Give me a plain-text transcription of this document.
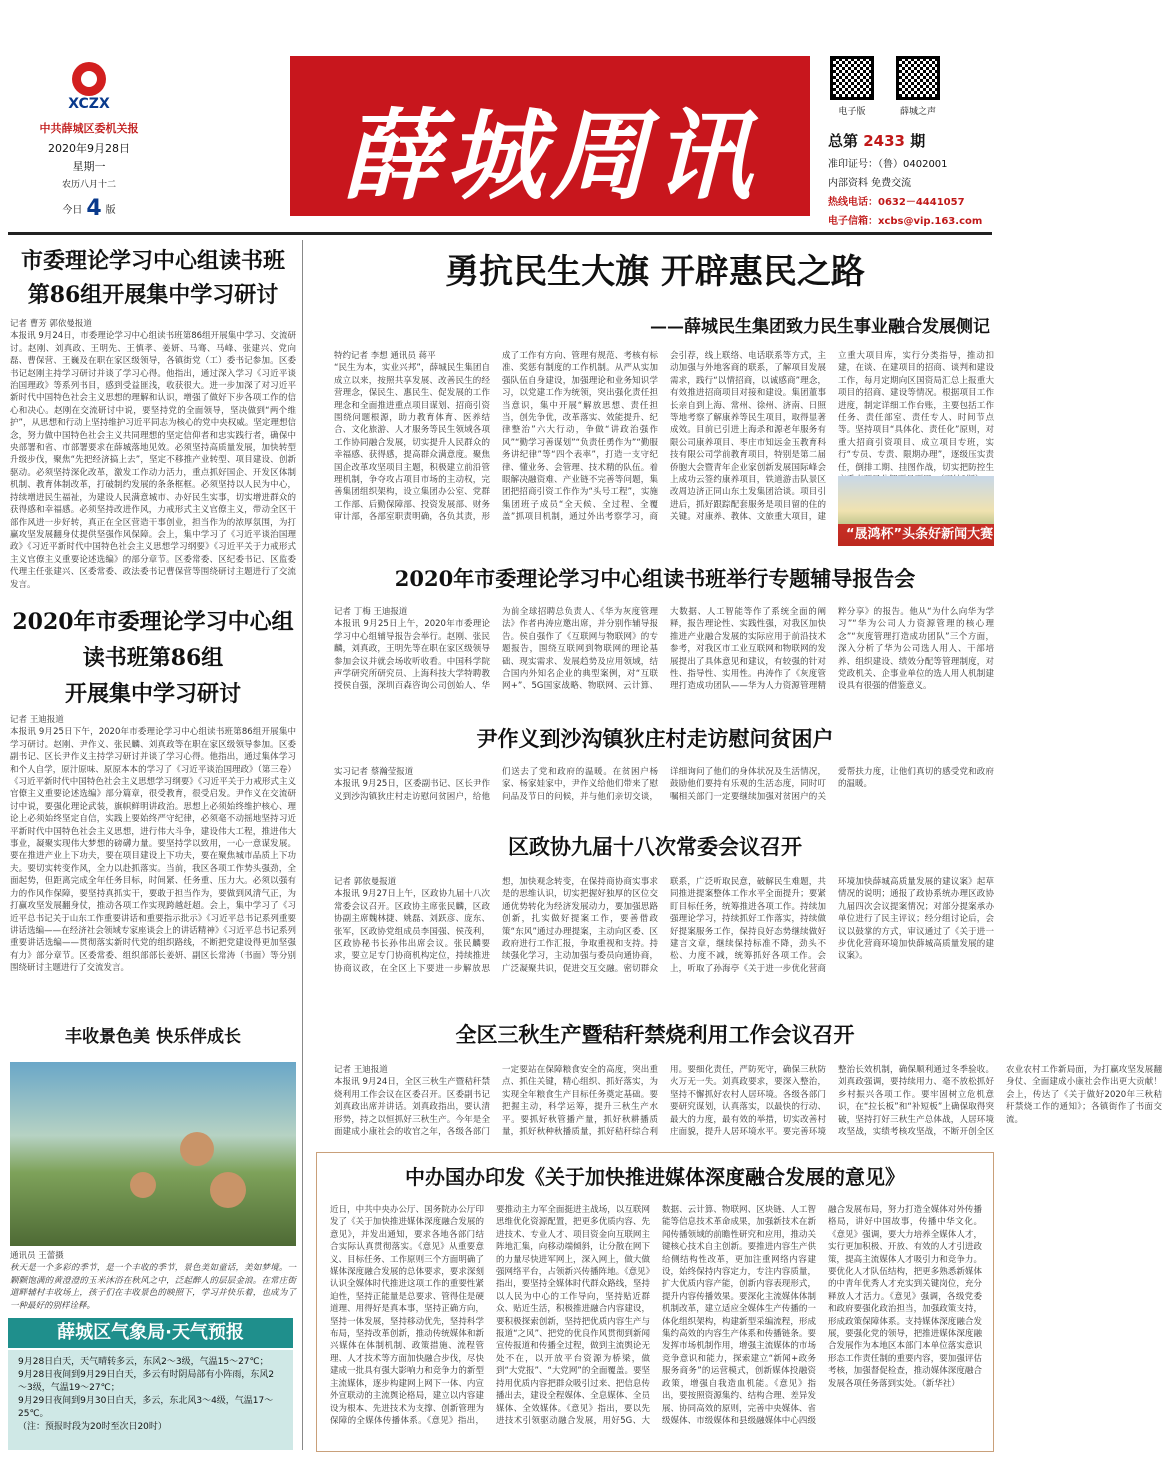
XCZX
中共薛城区委机关报
2020年9月28日
星期一
农历八月十二
今日 4 版	薛城周讯	电子版	薛城之声
总第 2433 期
准印证号：（鲁）0402001
内部资料 免费交流
热线电话：0632－4441057
电子信箱：xcbs@vip.163.com
市委理论学习中心组读书班
第86组开展集中学习研讨
记者 曹芳 郭依曼报道
本报讯 9月24日，市委理论学习中心组读书班第86组开展集中学习、交流研讨。赵刚、刘真政、王明先、王慎孝、姜妍、马骞、马峰、张建兴、党向磊、曹保营、王巍及在职在家区级领导，各镇街党（工）委书记参加。区委书记赵刚主持学习研讨并谈了学习心得。他指出，通过深入学习《习近平谈治国理政》等系列书目，感到受益匪浅，收获很大。进一步加深了对习近平新时代中国特色社会主义思想的理解和认识，增强了做好下步各项工作的信心和决心。赵刚在交流研讨中说，要坚持党的全面领导，坚决做到“两个维护”，从思想和行动上坚持维护习近平同志为核心的党中央权威。坚定理想信念，努力做中国特色社会主义共同理想的坚定信仰者和忠实践行者，确保中央部署和省、市部署要求在薛城落地见效。必须坚持高质量发展，加快转型升级步伐，聚焦“先把经济搞上去”，坚定不移推产业转型、项目建设、创新驱动。必须坚持深化改革，激发工作动力活力，重点抓好国企、开发区体制机制、教育体制改革，打破制约发展的条条框框。必须坚持以人民为中心，持续增进民生福祉，为建设人民满意城市、办好民生实事，切实增进群众的获得感和幸福感。必须坚持改进作风，力戒形式主义官僚主义，带动全区干部作风进一步好转，真正在全区营造干事创业，担当作为的浓厚氛围，为打赢攻坚发展翻身仗提供坚强作风保障。会上，集中学习了《习近平谈治国理政》《习近平新时代中国特色社会主义思想学习纲要》《习近平关于力戒形式主义官僚主义重要论述选编》的部分章节。区委常委、区纪委书记、区监委代理主任张建兴、区委常委、政法委书记曹保营等围绕研讨主题进行了交流发言。
2020年市委理论学习中心组
读书班第86组
开展集中学习研讨
记者 王迪报道
本报讯 9月25日下午，2020年市委理论学习中心组读书班第86组开展集中学习研讨。赵刚、尹作义、张民麟、刘真政等在职在家区级领导参加。区委副书记、区长尹作义主持学习研讨并谈了学习心得。他指出，通过集体学习和个人自学，原汁原味、原原本本的学习了《习近平谈治国理政》（第三卷）《习近平新时代中国特色社会主义思想学习纲要》《习近平关于力戒形式主义官僚主义重要论述选编》部分篇章，很受教育，很受启发。尹作义在交流研讨中说，要强化理论武装，旗帜鲜明讲政治。思想上必须始终维护核心、理论上必须始终坚定自信，实践上要始终严守纪律，必须毫不动摇地坚持习近平新时代中国特色社会主义思想，进行伟大斗争，建设伟大工程，推进伟大事业，凝聚实现伟大梦想的磅礴力量。要坚持学以致用，一心一意谋发展。要在推进产业上下功夫，要在项目建设上下功夫，要在聚焦城市品质上下功夫。要切实转变作风，全力以赴抓落实。当前，我区各项工作势头强劲，全面起势，但距离完成全年任务目标，时间紧、任务重、压力大。必须以强有力的作风作保障，要坚持真抓实干，要敢于担当作为，要做到风清气正，为打赢攻坚发展翻身仗，推动各项工作实现跨越赶超。会上，集中学习了《习近平总书记关于山东工作重要讲话和重要指示批示》《习近平总书记系列重要讲话选编——在经济社会领域专家座谈会上的讲话精神》《习近平总书记系列重要讲话选编——贯彻落实新时代党的组织路线，不断把党建设得更加坚强有力》部分章节。区委常委、组织部部长姜妍、副区长常涛（书面）等分别围绕研讨主题进行了交流发言。
丰收景色美 快乐伴成长
通讯员 王蕾摄
秋天是一个多彩的季节，是一个丰收的季节，景色美如童话，美如梦境。一颗颗饱满的黄澄澄的玉米沐浴在秋风之中，泛起醉人的层层金浪。在常庄街道畔辅村丰收场上，孩子们在丰收景色的映照下，学习并快乐着，也成为了一种最好的别样诠释。
薛城区气象局·天气预报
9月28日白天，天气晴转多云，东风2～3级，气温15～27℃；
9月28日夜间到9月29日白天，多云有时阴局部有小阵雨，东风2～3级，气温19～27℃；
9月29日夜间到9月30日白天，多云，东北风3～4级，气温17～25℃。
（注：预报时段为20时至次日20时）
勇抗民生大旗 开辟惠民之路
——薛城民生集团致力民生事业融合发展侧记
特约记者 李想 通讯员 蒋平
“民生为本，实业兴邦”，薛城民生集团自成立以来，按照共享发展、改善民生的经营理念，保民生、惠民生、促发展的工作理念和全面推进重点项目谋划、招商引资围绕问题根源，助力教育体育、医养结合、文化旅游、人才服务等民生领域各项工作协同融合发展，切实提升人民群众的幸福感、获得感，提高群众满意度。聚焦国企改革攻坚项目主题，积极建立前沿管理机制，争夺攻占项目市场的主动权，完善集团组织架构，设立集团办公室、党群工作部、后勤保障部、投资发展部、财务审计部，各部室职责明确，各负其责，形成了工作有方向、管理有规范、考核有标准、奖惩有制度的工作机制。从严从实加强队伍自身建设，加强理论和业务知识学习，以党建工作为统领，突出强化责任担当意识，集中开展“解放思想、责任担当，创先争优，改革落实、效能提升、纪律整治”六大行动，争做“讲政治强作风”“勤学习善谋划”“负责任勇作为”“勤服务讲纪律”等“四个表率”，打造一支守纪律、懂业务、会管理、技术精的队伍。着眼解决融资难、产业链不完善等问题，集团把招商引资工作作为“头号工程”，实施集团班子成员“全天候、全过程、全覆盖”抓项目机制，通过外出考察学习，商会引荐，线上联络、电话联系等方式，主动加强与外地客商的联系，了解项目发展需求，践行“以情招商，以诚感商”理念，有效推进招商项目对接和建设。集团董事长亲自到上海、常州、徐州、济南、日照等地考察了解康养等民生项目，取得显著成效。目前已引进上海杀和源老年服务有限公司康养项目、枣庄市知远金玉教育科技有限公司学前教育项目，特别是第二届侨胞大会暨青年企业家创新发展国际峰会上成功云签约康养项目，铁道游击队景区改周边济正同山东土发集团洽谈。项目引进后，抓好跟踪配套服务是项目留的住的关键。对康养、教体、文旅重大项目，建立重大项目库，实行分类指导，推动扣建，在谈、在建项目的招商、谈判和建设工作，每月定期向区国资局汇总上报重大项目的招商、建设等情况。根据项目工作进度，制定详细工作台账，主要包括工作任务、责任部室、责任专人、时间节点等。坚持项目“具体化、责任化”原则，对重大招商引资项目、成立项目专班，实行“专员、专责、限期办理”，逐级压实责任，倒排工期、挂图作战，切实把防控生
“晟鸿杯”头条好新闻大赛
2020年市委理论学习中心组读书班举行专题辅导报告会
记者 丁梅 王迪报道
本报讯 9月25日上午，2020年市委理论学习中心组辅导报告会举行。赵刚、张民麟，刘真政，王明先等在职在家区级领导参加会议并就会场收听收看。中国科学院声学研究所研究员、上海科技大学特聘教授侯自强，深圳百森咨询公司创始人、华为前全球招聘总负责人、《华为灰度管理法》作者冉涛应邀出席，并分别作辅导报告。侯自强作了《互联网与物联网》的专题报告，围绕互联网到物联网的理论基础、现实需求、发展趋势及应用领域，结合国内外知名企业的典型案例，对“互联网+”、5G国家战略、物联网、云计算、大数据、人工智能等作了系统全面的阐释，报告理论性、实践性强，对我区加快推进产业融合发展的实际应用于前沿技术参考，对我区市工业互联网和物联网的发展提出了具体意见和建议，有较强的针对性、指导性、实用性。冉涛作了《灰度管理打造成功团队——华为人力资源管理精粹分享》的报告。他从“为什么向华为学习”“华为公司人力资源管理的核心理念”“灰度管理打造成功团队”三个方面，深入分析了华为公司选人用人、干部培养、组织建设、绩效分配等管理制度，对党政机关、企事业单位的选人用人机制建设具有很强的借鉴意义。
尹作义到沙沟镇狄庄村走访慰问贫困户
实习记者 蔡瀚莹报道
本报讯 9月25日，区委副书记、区长尹作义到沙沟镇狄庄村走访慰问贫困户，给他们送去了党和政府的温暖。在贫困户杨家、杨家娃家中，尹作义给他们带来了慰问品及节日的问候，并与他们亲切交谈，详细询问了他们的身体状况及生活情况，鼓励他们要持有乐观的生活态度，同时叮嘱相关部门一定要继续加强对贫困户的关爱帮扶力度，让他们真切的感受党和政府的温暖。
区政协九届十八次常委会议召开
记者 郭依曼报道
本报讯 9月27日上午，区政协九届十八次常委会议召开。区政协主席张民麟，区政协副主席魏林捷、姚磊、刘跃彦、庞东、张军，区政协党组成员李国强、侯茂利，区政协秘书长孙伟出席会议。张民麟要求，要立足专门协商机构定位，持续推进协商议政，在全区上下要进一步解放思想，加快观念转变，在保持商协商实事求是的思维认识，切实把握好独厚的区位交通优势转化为经济发展动力，要加强思路创新，扎实做好提案工作，要善借政策“东风”通过办理提案，主动向区委、区政府进行工作汇报，争取重视和支持。持续强化学习，主动加强与委员向通协商，广泛凝聚共识，促进交互交融。密切群众联系，广泛听取民意，破解民生难题，共同推进提案整体工作水平全面提升；要紧盯目标任务，统筹推进各项工作。持续加强理论学习，持续抓好工作落实，持续做好提案服务工作，保持良好态势继续做好建言文章，继续保持标准不降，劲头不松、力度不减，统筹抓好各项工作。会上，听取了孙海亭《关于进一步优化营商环境加快薛城高质量发展的建议案》起草情况的说明；通报了政协系统办理区政协九届四次会议提案情况；对部分提案承办单位进行了民主评议；经分组讨论后，会议以鼓掌的方式，审议通过了《关于进一步优化营商环境加快薛城高质量发展的建议案》。
全区三秋生产暨秸秆禁烧利用工作会议召开
记者 王迪报道
本报讯 9月24日，全区三秋生产暨秸秆禁烧利用工作会议在区委召开。区委副书记刘真政出席并讲话。刘真政指出，要认清形势，持之以恒抓好三秋生产。今年是全面建成小康社会的收官之年，各级各部门一定要站在保障粮食安全的高度，突出重点、抓住关键，精心组织、抓好落实，为实现全年粮食生产目标任务奠定基础。要把握主动，科学运筹，提升三秋生产水平。要抓好秋管播产量，抓好秋耕播质量，抓好秋种秋播质量，抓好秸秆综合利用。要细化责任，严防死守，确保三秋防火万无一失。刘真政要求，要深入整治，坚持不懈抓好农村人居环境。各级各部门要研究谋划，认真落实，以最快的行动、最大的力度，最有效的举措，切实改善村庄面貌，提升人居环境水平。要完善环境整治长效机制，确保顺利通过冬季验收。刘真政强调，要持续用力、毫不放松抓好乡村振兴各项工作。要牢固树立危机意识，在“拉长板”和“补短板”上确保取得突破，坚持打好三秋生产总体战，人居环境攻坚战，实绩考核攻坚战，不断开创全区农业农村工作新局面，为打赢攻坚发展翻身仗、全面建成小康社会作出更大贡献！会上，传达了《关于做好2020年三秋秸秆禁烧工作的通知》；各镇街作了书面交流。
中办国办印发《关于加快推进媒体深度融合发展的意见》
近日，中共中央办公厅、国务院办公厅印发了《关于加快推进媒体深度融合发展的意见》，并发出通知，要求各地各部门结合实际认真贯彻落实。《意见》从重要意义、目标任务、工作原则三个方面明确了媒体深度融合发展的总体要求，要求深刻认识全媒体时代推进这项工作的重要性紧迫性，坚持正能量是总要求、管得住是硬道理、用得好是真本事，坚持正确方向，坚持一体发展，坚持移动优先，坚持科学布局，坚持改革创新，推动传统媒体和新兴媒体在体制机制、政策措施、流程管理、人才技术等方面加快融合步伐，尽快建成一批具有强大影响力和竞争力的新型主流媒体，逐步构建网上网下一体、内宣外宣联动的主流舆论格局，建立以内容建设为根本、先进技术为支撑、创新管理为保障的全媒体传播体系。《意见》指出，要推动主力军全面挺进主战场，以互联网思维优化资源配置，把更多优质内容、先进技术、专业人才、项目资金向互联网主阵地汇集，向移动端倾斜，让分散在网下的力量尽快进军网上，深入网上，做大做强网络平台，占领新兴传播阵地。《意见》指出，要坚持全媒体时代群众路线，坚持以人民为中心的工作导向，坚持贴近群众、贴近生活，积极推进融合内容建设，要积极探索创新，坚持把优质内容生产与报道“之风”、把党的优良作风贯彻到新闻宣传报道和传播全过程，做到主流舆论无处不在，以开放平台资源为桥梁，做到“大党报”、“大党网”的全面覆盖。要坚持用优质内容把群众吸引过来、把信息传播出去，建设全程媒体、全息媒体、全员媒体、全效媒体。《意见》指出，要以先进技术引领驱动融合发展，用好5G、大数据、云计算、物联网、区块链、人工智能等信息技术革命成果，加强新技术在新闻传播领域的前瞻性研究和应用，推动关键核心技术自主创新。要推进内容生产供给侧结构性改革，更加注重网络内容建设，始终保持内容定力，专注内容质量，扩大优质内容产能，创新内容表现形式，提升内容传播效果。要深化主流媒体体制机制改革，建立适应全媒体生产传播的一体化组织架构，构建新型采编流程，形成集约高效的内容生产体系和传播链条。要发挥市场机制作用，增强主流媒体的市场竞争意识和能力，探索建立“新闻+政务服务商务”的运营模式，创新媒体投融资政策，增强自我造血机能。《意见》指出，要按照资源集约、结构合理、差异发展、协同高效的原则，完善中央媒体、省级媒体、市级媒体和县级融媒体中心四级融合发展布局，努力打造全媒体对外传播格局，讲好中国故事，传播中华文化。《意见》强调，要大力培养全媒体人才，实行更加积极、开放、有效的人才引进政策，提高主流媒体人才吸引力和竞争力。要优化人才队伍结构，把更多熟悉新媒体的中青年优秀人才充实到关键岗位，充分释放人才活力。《意见》强调，各级党委和政府要强化政治担当，加强政策支持，形成政策保障体系。支持媒体深度融合发展，要强化党的领导，把推进媒体深度融合发展作为本地区本部门本单位落实意识形态工作责任制的重要内容，要加强评估考核，加强督促检查，推动媒体深度融合发展各项任务落到实处。（新华社）
